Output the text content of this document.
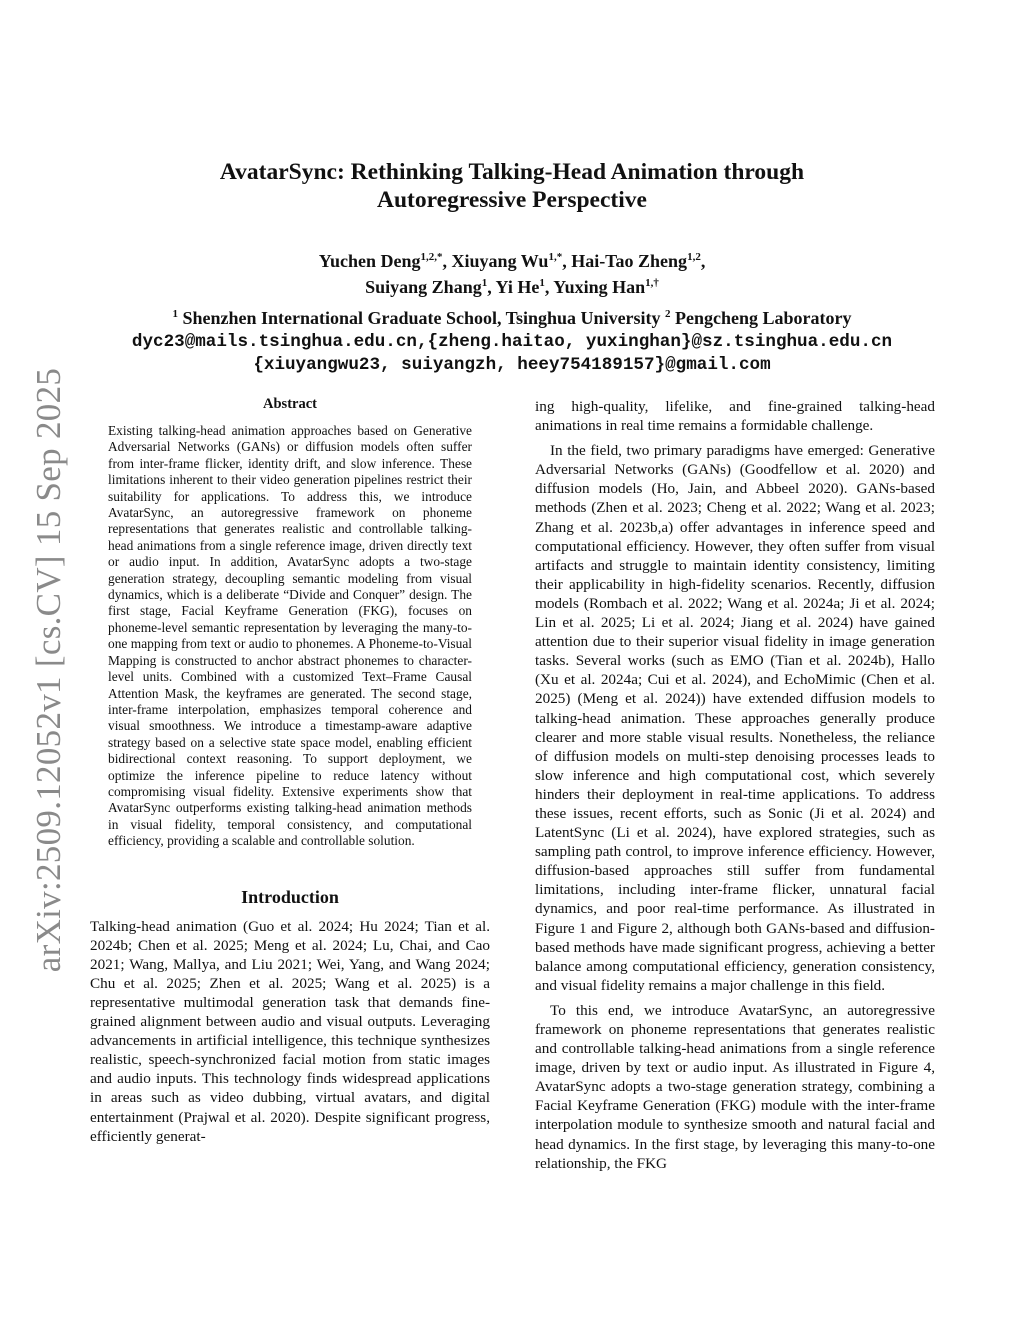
arXiv:2509.12052v1 [cs.CV] 15 Sep 2025
AvatarSync: Rethinking Talking-Head Animation through
Autoregressive Perspective
Yuchen Deng$^{1,2,*}$, Xiuyang $Wu^{1,*}$, Hai-Tao Zheng$^{1,2}$,
Suiyang Zhang$^1$, Yi He$^1$, Yuxing Han$^{1,\dagger}$
$^1$ Shenzhen International Graduate School, Tsinghua University $^2$ Pengcheng Laboratory
dyc23@mails.tsinghua.edu.cn,{zheng.haitao, yuxinghan}@sz.tsinghua.edu.cn
{xiuyangwu23, suiyangzh, heey754189157}@gmail.com
Abstract

Existing talking-head animation approaches based on Generative Adversarial Networks (GANs) or diffusion models often suffer from inter-frame flicker, identity drift, and slow inference. These limitations inherent to their video generation pipelines restrict their suitability for applications. To address this, we introduce AvatarSync, an autoregressive framework on phoneme representations that generates realistic and controllable talking-head animations from a single reference image, driven directly text or audio input. In addition, AvatarSync adopts a two-stage generation strategy, decoupling semantic modeling from visual dynamics, which is a deliberate “Divide and Conquer” design. The first stage, Facial Keyframe Generation (FKG), focuses on phoneme-level semantic representation by leveraging the many-to-one mapping from text or audio to phonemes. A Phoneme-to-Visual Mapping is constructed to anchor abstract phonemes to character-level units. Combined with a customized Text–Frame Causal Attention Mask, the keyframes are generated. The second stage, inter-frame interpolation, emphasizes temporal coherence and visual smoothness. We introduce a timestamp-aware adaptive strategy based on a selective state space model, enabling efficient bidirectional context reasoning. To support deployment, we optimize the inference pipeline to reduce latency without compromising visual fidelity. Extensive experiments show that AvatarSync outperforms existing talking-head animation methods in visual fidelity, temporal consistency, and computational efficiency, providing a scalable and controllable solution.

Introduction

Talking-head animation (Guo et al. 2024; Hu 2024; Tian et al. 2024b; Chen et al. 2025; Meng et al. 2024; Lu, Chai, and Cao 2021; Wang, Mallya, and Liu 2021; Wei, Yang, and Wang 2024; Chu et al. 2025; Zhen et al. 2025; Wang et al. 2025) is a representative multimodal generation task that demands fine-grained alignment between audio and visual outputs. Leveraging advancements in artificial intelligence, this technique synthesizes realistic, speech-synchronized facial motion from static images and audio inputs. This technology finds widespread applications in areas such as video dubbing, virtual avatars, and digital entertainment (Prajwal et al. 2020). Despite significant progress, efficiently generat-

ing high-quality, lifelike, and fine-grained talking-head animations in real time remains a formidable challenge.

In the field, two primary paradigms have emerged: Generative Adversarial Networks (GANs) (Goodfellow et al. 2020) and diffusion models (Ho, Jain, and Abbeel 2020). GANs-based methods (Zhen et al. 2023; Cheng et al. 2022; Wang et al. 2023; Zhang et al. 2023b,a) offer advantages in inference speed and computational efficiency. However, they often suffer from visual artifacts and struggle to maintain identity consistency, limiting their applicability in high-fidelity scenarios. Recently, diffusion models (Rombach et al. 2022; Wang et al. 2024a; Ji et al. 2024; Lin et al. 2025; Li et al. 2024; Jiang et al. 2024) have gained attention due to their superior visual fidelity in image generation tasks. Several works (such as EMO (Tian et al. 2024b), Hallo (Xu et al. 2024a; Cui et al. 2024), and EchoMimic (Chen et al. 2025) (Meng et al. 2024)) have extended diffusion models to talking-head animation. These approaches generally produce clearer and more stable visual results. Nonetheless, the reliance of diffusion models on multi-step denoising processes leads to slow inference and high computational cost, which severely hinders their deployment in real-time applications. To address these issues, recent efforts, such as Sonic (Ji et al. 2024) and LatentSync (Li et al. 2024), have explored strategies, such as sampling path control, to improve inference efficiency. However, diffusion-based approaches still suffer from fundamental limitations, including inter-frame flicker, unnatural facial dynamics, and poor real-time performance. As illustrated in Figure 1 and Figure 2, although both GANs-based and diffusion-based methods have made significant progress, achieving a better balance among computational efficiency, generation consistency, and visual fidelity remains a major challenge in this field.

To this end, we introduce AvatarSync, an autoregressive framework on phoneme representations that generates realistic and controllable talking-head animations from a single reference image, driven by text or audio input. As illustrated in Figure 4, AvatarSync adopts a two-stage generation strategy, combining a Facial Keyframe Generation (FKG) module with the inter-frame interpolation module to synthesize smooth and natural facial and head dynamics. In the first stage, by leveraging this many-to-one relationship, the FKG
